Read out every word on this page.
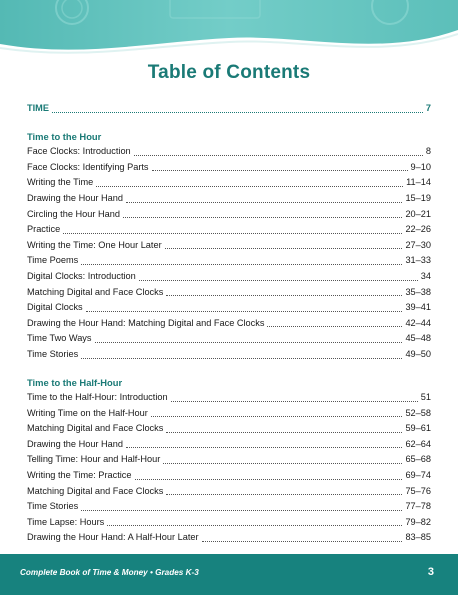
Table of Contents
TIME	7
Time to the Hour
Face Clocks: Introduction	8
Face Clocks: Identifying Parts	9–10
Writing the Time	11–14
Drawing the Hour Hand	15–19
Circling the Hour Hand	20–21
Practice	22–26
Writing the Time: One Hour Later	27–30
Time Poems	31–33
Digital Clocks: Introduction	34
Matching Digital and Face Clocks	35–38
Digital Clocks	39–41
Drawing the Hour Hand: Matching Digital and Face Clocks	42–44
Time Two Ways	45–48
Time Stories	49–50
Time to the Half-Hour
Time to the Half-Hour: Introduction	51
Writing Time on the Half-Hour	52–58
Matching Digital and Face Clocks	59–61
Drawing the Hour Hand	62–64
Telling Time: Hour and Half-Hour	65–68
Writing the Time: Practice	69–74
Matching Digital and Face Clocks	75–76
Time Stories	77–78
Time Lapse: Hours	79–82
Drawing the Hour Hand: A Half-Hour Later	83–85
Complete Book of Time & Money • Grades K-3	3
